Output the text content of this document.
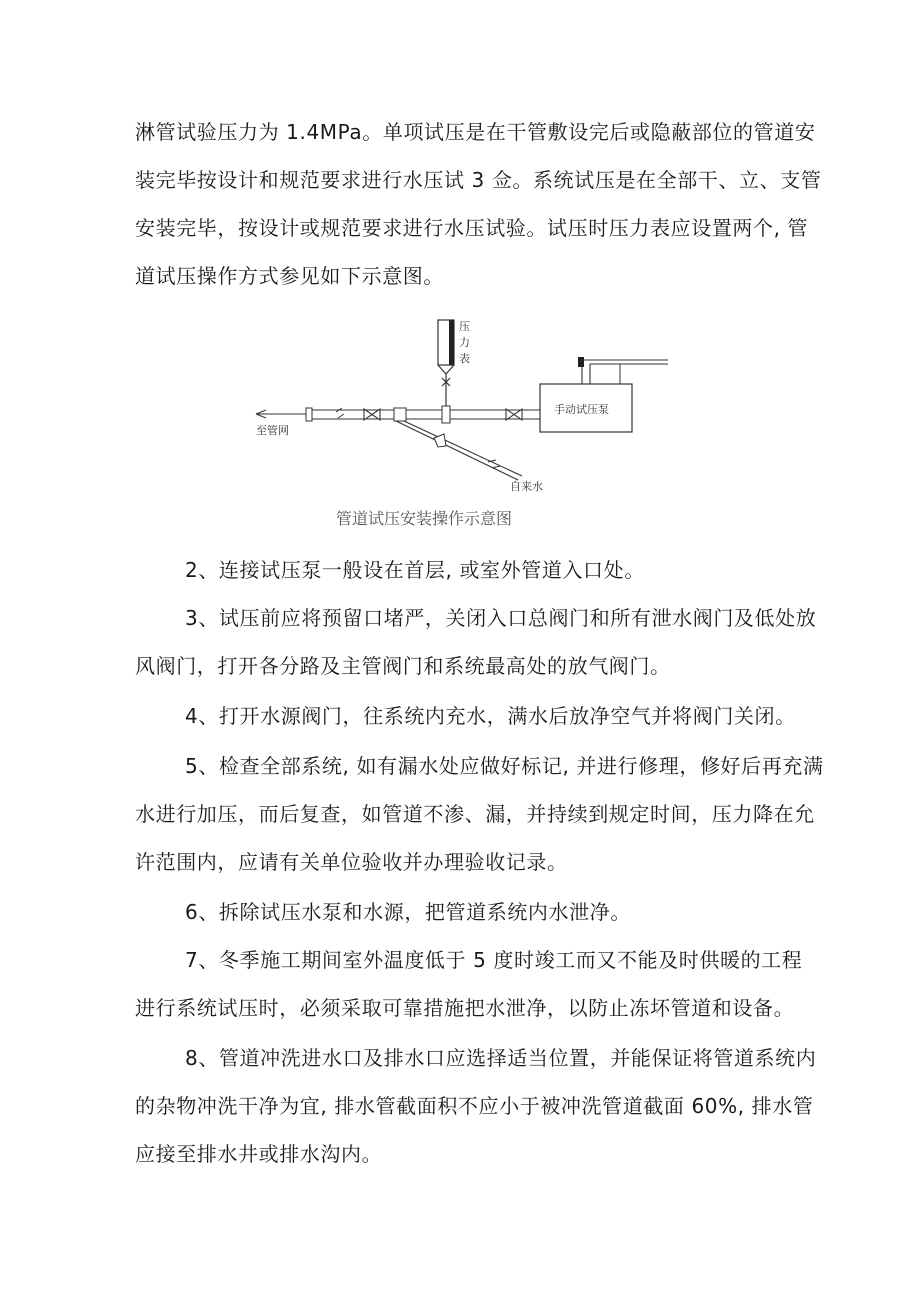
淋管试验压力为 1.4MPa。单项试压是在干管敷设完后或隐蔽部位的管道安
装完毕按设计和规范要求进行水压试 3 佥。系统试压是在全部干、立、支管
安装完毕，按设计或规范要求进行水压试验。试压时压力表应设置两个, 管
道试压操作方式参见如下示意图。
压
力
表
至管网
自来水
手动试压泵
管道试压安装操作示意图
2、连接试压泵一般设在首层, 或室外管道入口处。
3、试压前应将预留口堵严，关闭入口总阀门和所有泄水阀门及低处放
风阀门，打开各分路及主管阀门和系统最高处的放气阀门。
4、打开水源阀门，往系统内充水，满水后放净空气并将阀门关闭。
5、检查全部系统, 如有漏水处应做好标记, 并进行修理，修好后再充满
水进行加压，而后复查，如管道不渗、漏，并持续到规定时间，压力降在允
许范围内，应请有关单位验收并办理验收记录。
6、拆除试压水泵和水源，把管道系统内水泄净。
7、冬季施工期间室外温度低于 5 度时竣工而又不能及时供暖的工程
进行系统试压时，必须采取可靠措施把水泄净，以防止冻坏管道和设备。
8、管道冲洗进水口及排水口应选择适当位置，并能保证将管道系统内
的杂物冲洗干净为宜, 排水管截面积不应小于被冲洗管道截面 60%, 排水管
应接至排水井或排水沟内。
